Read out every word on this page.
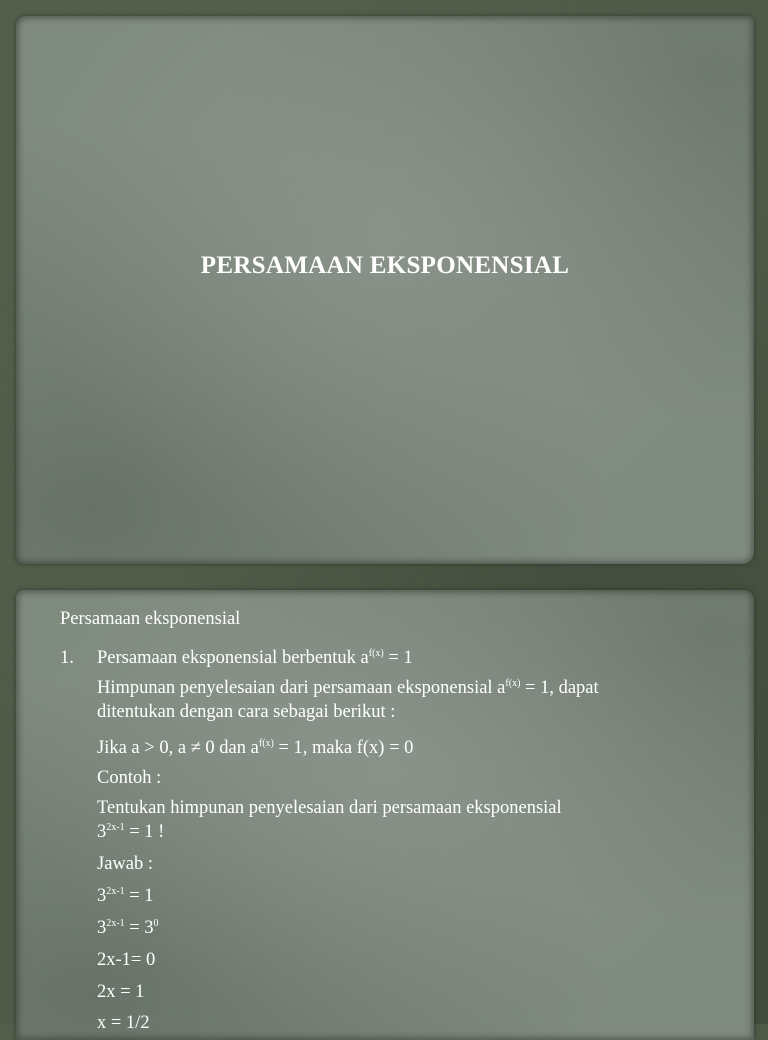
PERSAMAAN EKSPONENSIAL
Persamaan eksponensial
1. Persamaan eksponensial berbentuk $a^{f(x)} = 1$
Himpunan penyelesaian dari persamaan eksponensial $a^{f(x)} = 1$, dapat
ditentukan dengan cara sebagai berikut :
Jika a > 0, a ≠ 0 dan $a^{f(x)} = 1$, maka f(x) = 0
Contoh :
Tentukan himpunan penyelesaian dari persamaan eksponensial
$3^{2x-1} = 1$ !
Jawab :
$3^{2x-1} = 1$
$3^{2x-1} = 3^0$
2x-1= 0
2x = 1
x = 1/2
